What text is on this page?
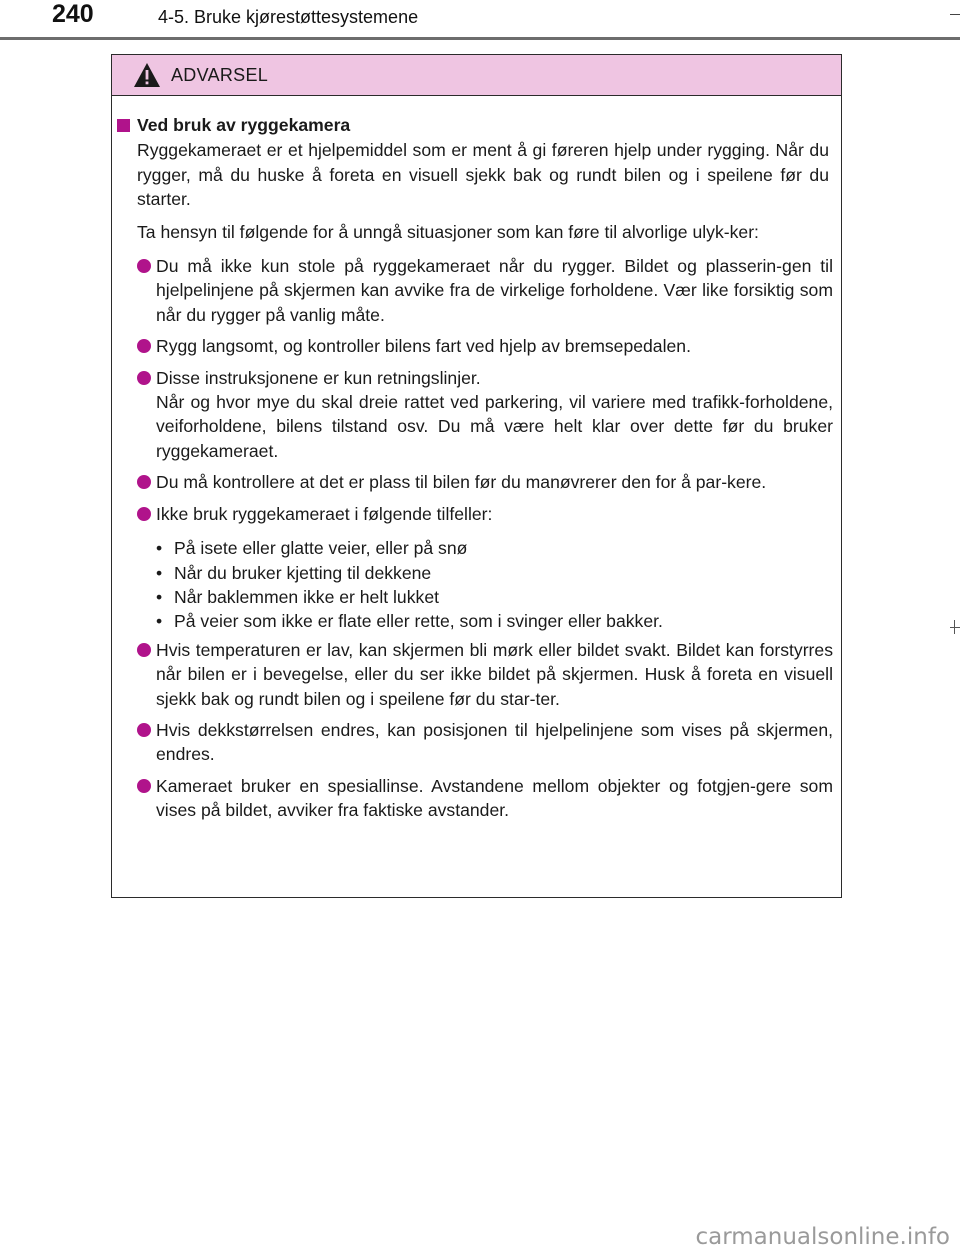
240	4-5. Bruke kjørestøttesystemene
ADVARSEL
Ved bruk av ryggekamera
Ryggekameraet er et hjelpemiddel som er ment å gi føreren hjelp under rygging. Når du rygger, må du huske å foreta en visuell sjekk bak og rundt bilen og i speilene før du starter.
Ta hensyn til følgende for å unngå situasjoner som kan føre til alvorlige ulyk-ker:
Du må ikke kun stole på ryggekameraet når du rygger. Bildet og plasserin-gen til hjelpelinjene på skjermen kan avvike fra de virkelige forholdene. Vær like forsiktig som når du rygger på vanlig måte.
Rygg langsomt, og kontroller bilens fart ved hjelp av bremsepedalen.
Disse instruksjonene er kun retningslinjer.
Når og hvor mye du skal dreie rattet ved parkering, vil variere med trafikk-forholdene, veiforholdene, bilens tilstand osv. Du må være helt klar over dette før du bruker ryggekameraet.
Du må kontrollere at det er plass til bilen før du manøvrerer den for å par-kere.
Ikke bruk ryggekameraet i følgende tilfeller:
• På isete eller glatte veier, eller på snø
• Når du bruker kjetting til dekkene
• Når baklemmen ikke er helt lukket
• På veier som ikke er flate eller rette, som i svinger eller bakker.
Hvis temperaturen er lav, kan skjermen bli mørk eller bildet svakt. Bildet kan forstyrres når bilen er i bevegelse, eller du ser ikke bildet på skjermen. Husk å foreta en visuell sjekk bak og rundt bilen og i speilene før du star-ter.
Hvis dekkstørrelsen endres, kan posisjonen til hjelpelinjene som vises på skjermen, endres.
Kameraet bruker en spesiallinse. Avstandene mellom objekter og fotgjen-gere som vises på bildet, avviker fra faktiske avstander.
carmanualsonline.info
